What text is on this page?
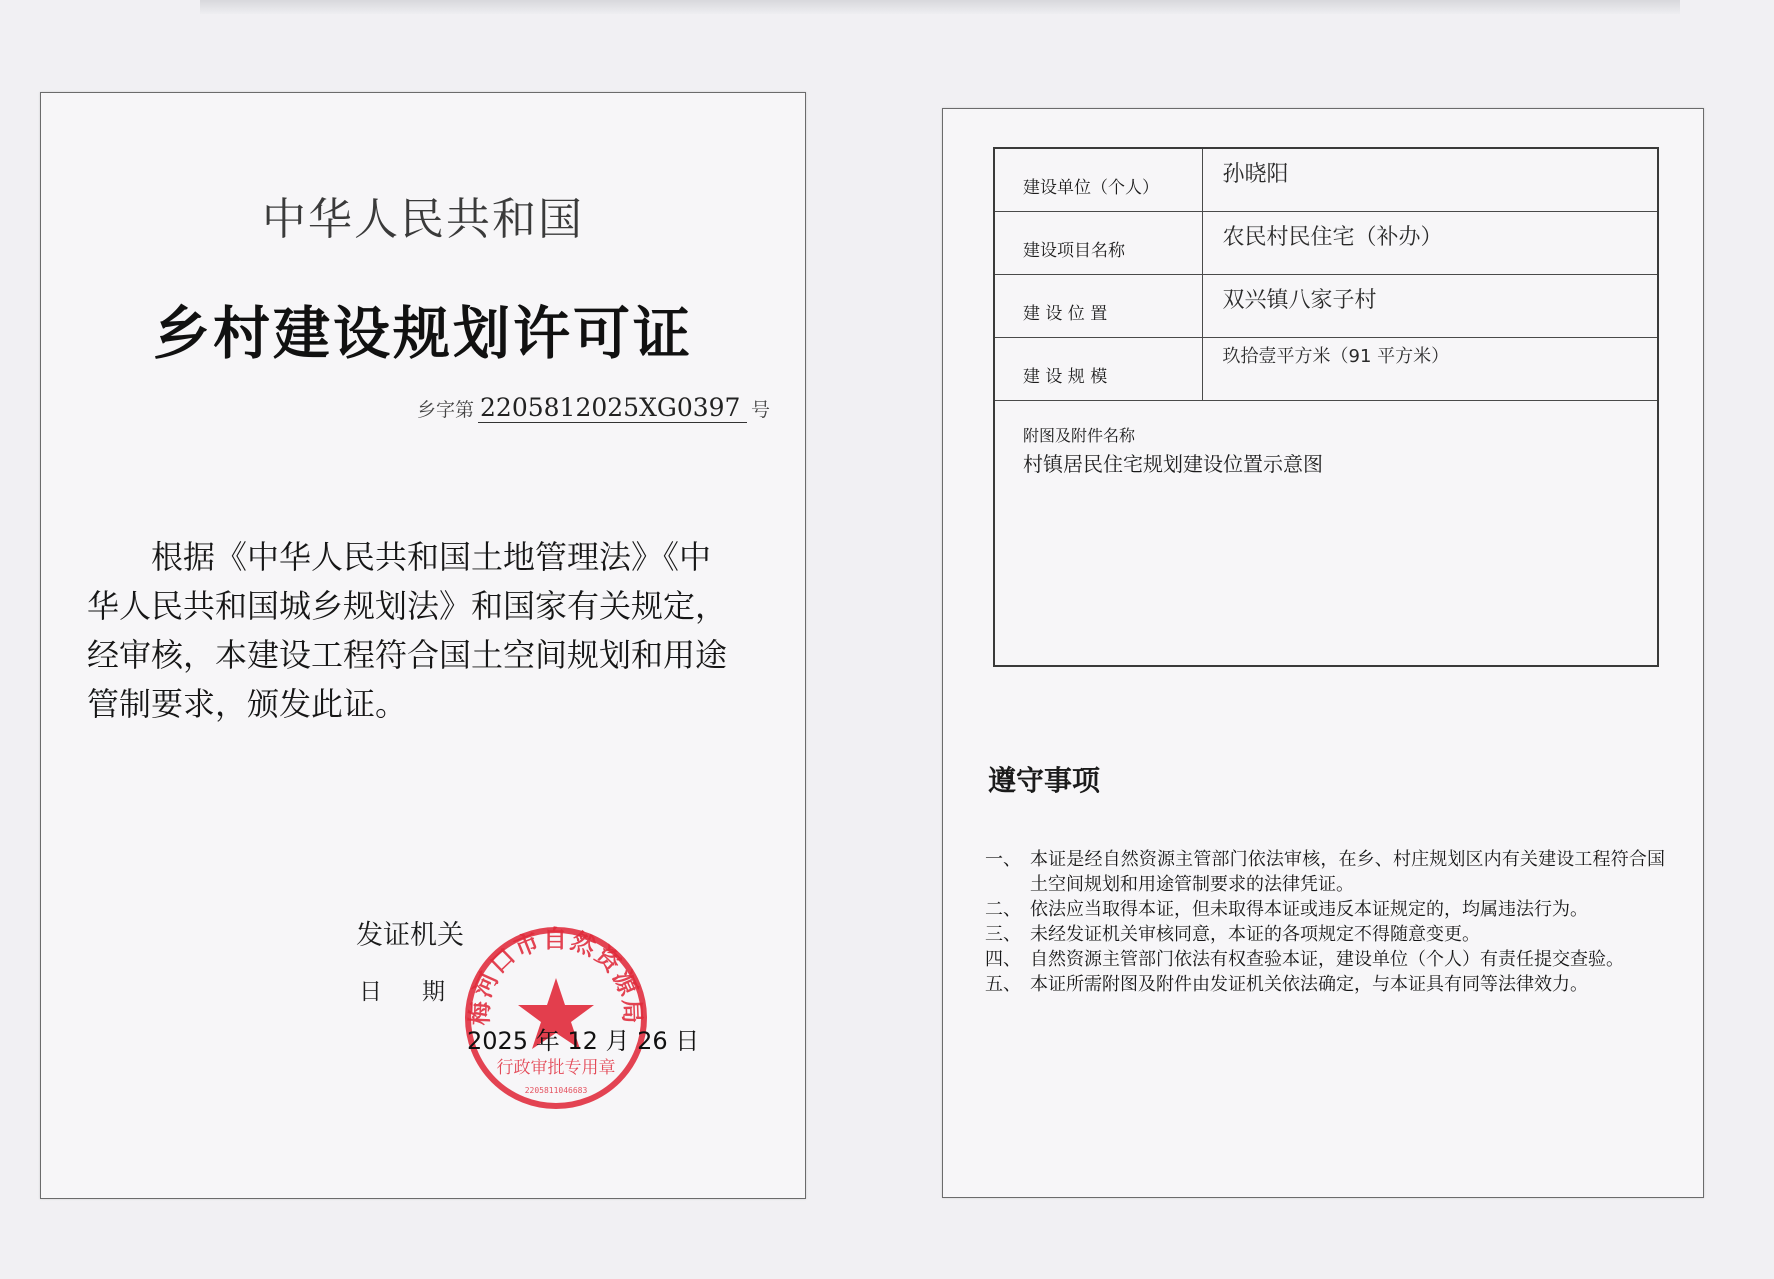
中华人民共和国
乡村建设规划许可证
乡字第 2205812025XG0397 号
　　根据《中华人民共和国土地管理法》《中
华人民共和国城乡规划法》和国家有关规定，
经审核，本建设工程符合国土空间规划和用途
管制要求，颁发此证。
发证机关
日期
梅河口市自然资源局
行政审批专用章
2205811046683
2025 年 12 月 26 日
建设单位（个人）	孙晓阳
建设项目名称	农民村民住宅（补办）
建 设 位 置	双兴镇八家子村
建 设 规 模	玖拾壹平方米（91 平方米）

附图及附件名称
村镇居民住宅规划建设位置示意图	
遵守事项
一、 本证是经自然资源主管部门依法审核，在乡、村庄规划区内有关建设工程符合国土空间规划和用途管制要求的法律凭证。
二、 依法应当取得本证，但未取得本证或违反本证规定的，均属违法行为。
三、 未经发证机关审核同意，本证的各项规定不得随意变更。
四、 自然资源主管部门依法有权查验本证，建设单位（个人）有责任提交查验。
五、 本证所需附图及附件由发证机关依法确定，与本证具有同等法律效力。
